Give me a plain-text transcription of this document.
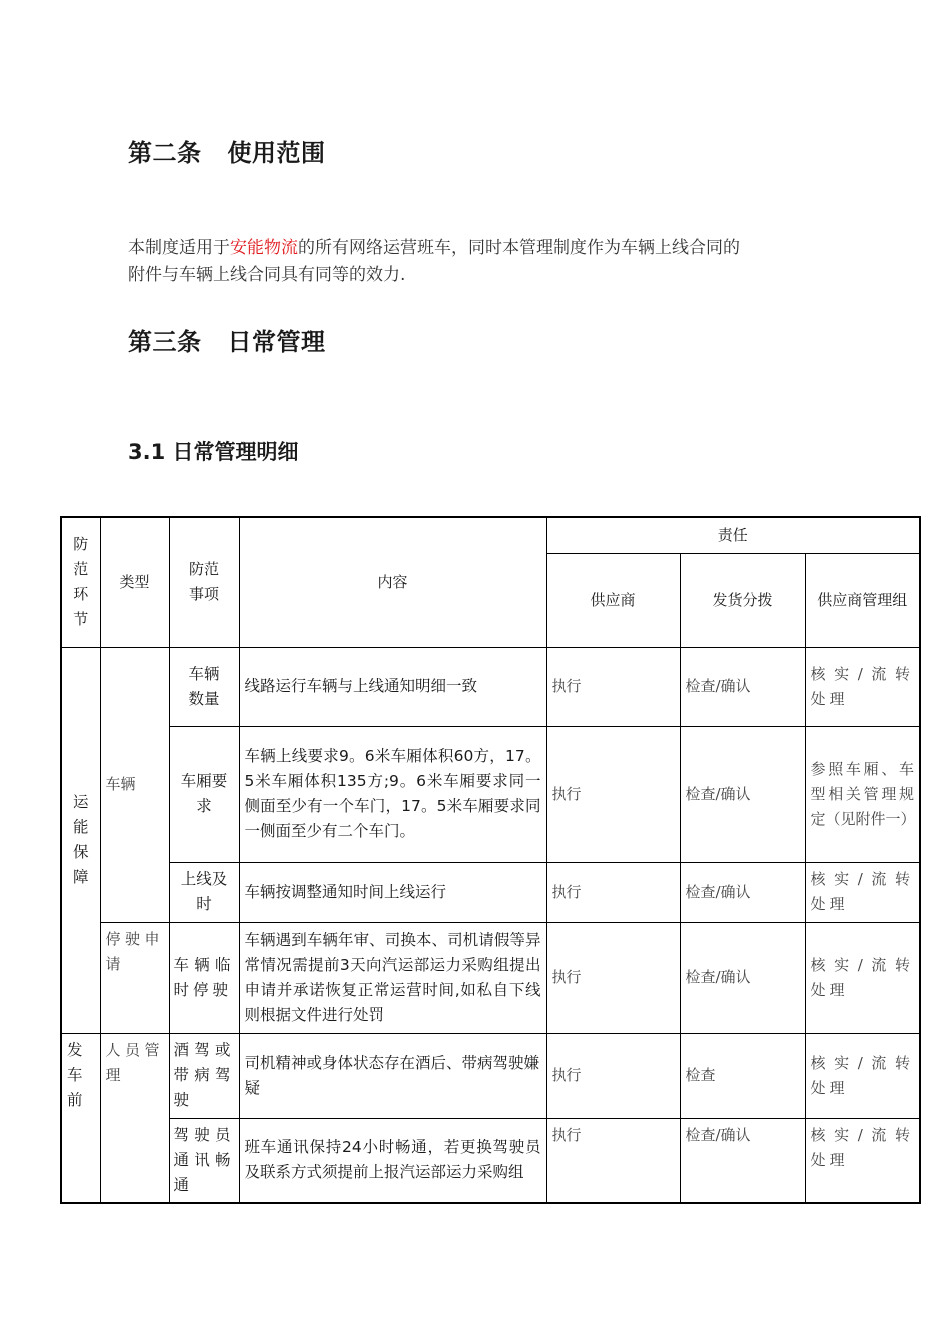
第二条 使用范围
本制度适用于安能物流的所有网络运营班车，同时本管理制度作为车辆上线合同的
附件与车辆上线合同具有同等的效力.
第三条 日常管理
3.1 日常管理明细
防范环节	类型	防范事项	内容	责任		
				供应商	发货分拨	供应商管理组
运能保障	车辆	车辆数量	线路运行车辆与上线通知明细一致	执行	检查/确认	核实/流转处理
		车厢要求	车辆上线要求9。6米车厢体积60方，17。5米车厢体积135方;9。6米车厢要求同一侧面至少有一个车门，17。5米车厢要求同一侧面至少有二个车门。	执行	检查/确认	参照车厢、车型相关管理规定（见附件一）
		上线及时	车辆按调整通知时间上线运行	执行	检查/确认	核实/流转处理
	停驶申请	车辆临时停驶	车辆遇到车辆年审、司换本、司机请假等异常情况需提前3天向汽运部运力采购组提出申请并承诺恢复正常运营时间,如私自下线则根据文件进行处罚	执行	检查/确认	核实/流转处理
发车前	人员管理	酒驾或带病驾驶	司机精神或身体状态存在酒后、带病驾驶嫌疑	执行	检查	核实/流转处理
		驾驶员通讯畅通	班车通讯保持24小时畅通，若更换驾驶员及联系方式须提前上报汽运部运力采购组	执行	检查/确认	核实/流转处理
